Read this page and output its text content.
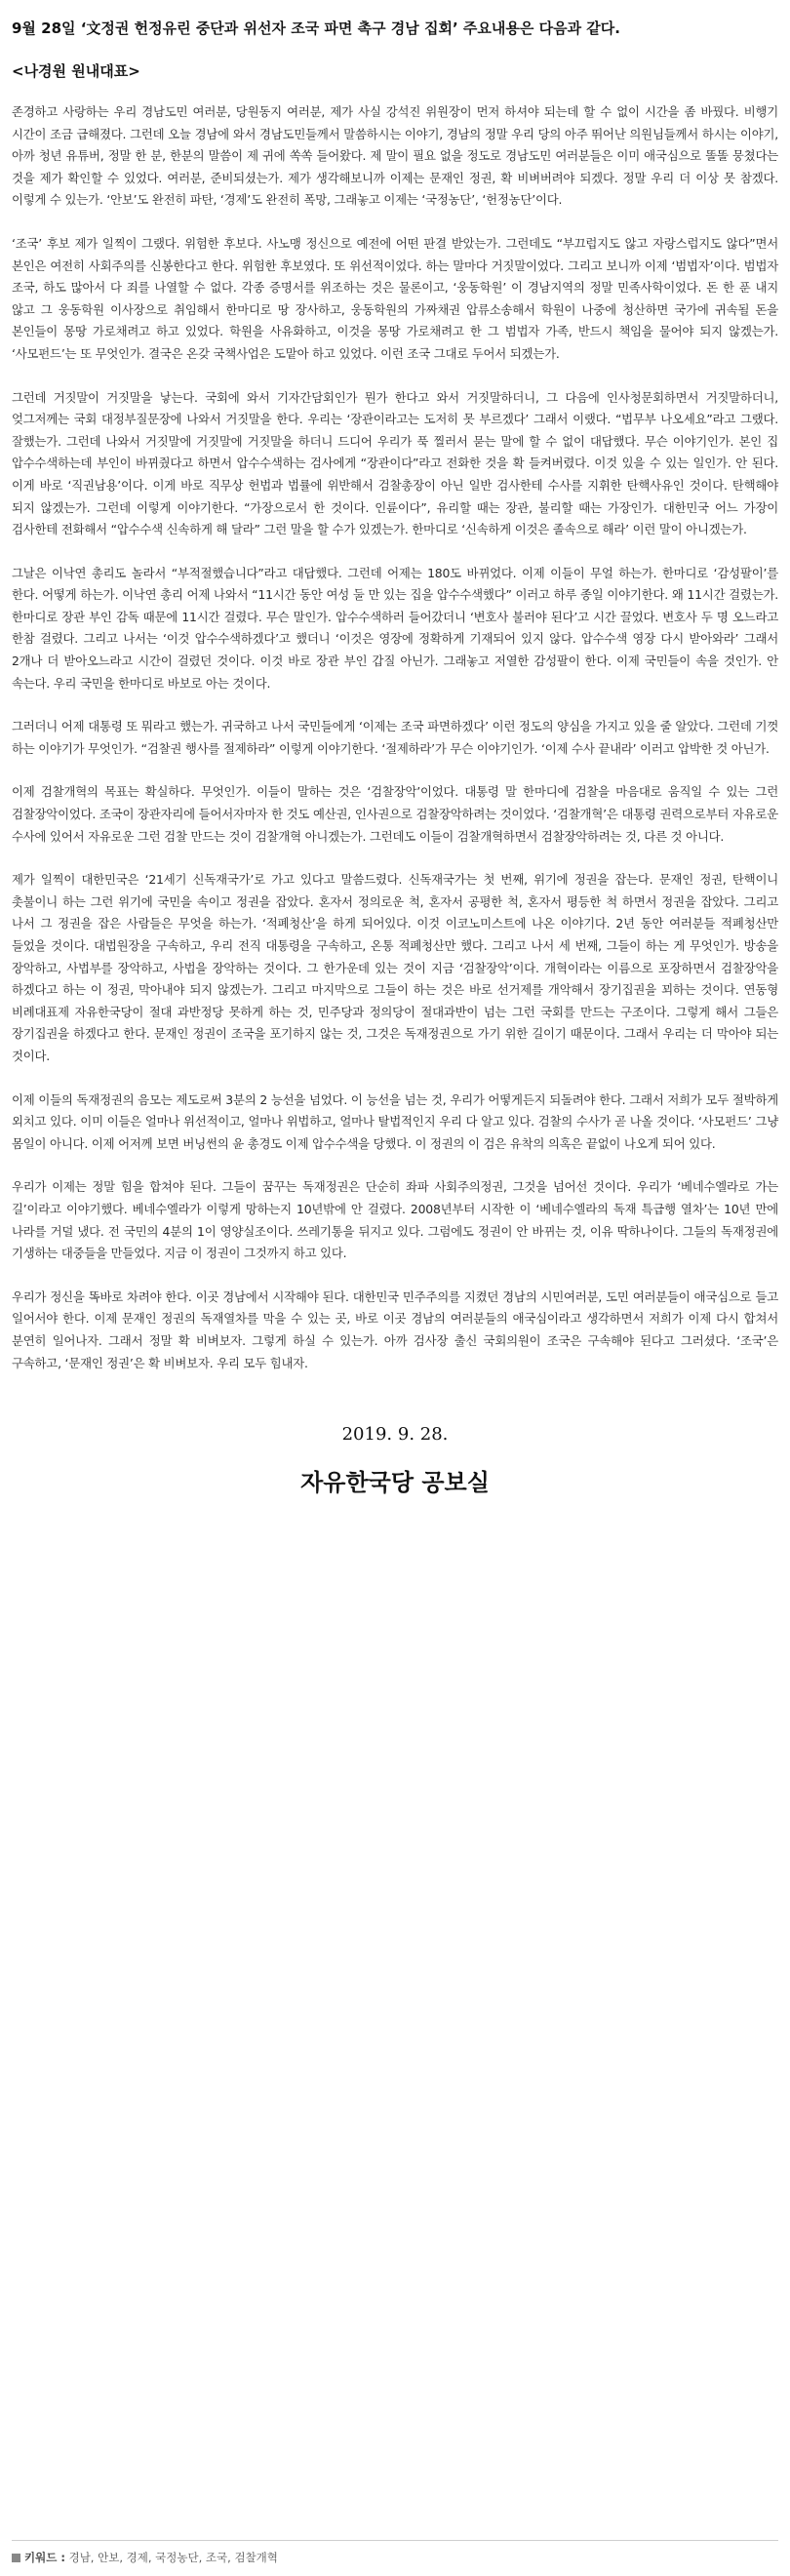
9월 28일 ‘文정권 헌정유린 중단과 위선자 조국 파면 촉구 경남 집회’ 주요내용은 다음과 같다.
<나경원 원내대표>

존경하고 사랑하는 우리 경남도민 여러분, 당원동지 여러분, 제가 사실 강석진 위원장이 먼저 하셔야 되는데 할 수 없이 시간을 좀 바꿨다. 비행기 시간이 조금 급해졌다. 그런데 오늘 경남에 와서 경남도민들께서 말씀하시는 이야기, 경남의 정말 우리 당의 아주 뛰어난 의원님들께서 하시는 이야기, 아까 청년 유튜버, 정말 한 분, 한분의 말씀이 제 귀에 쏙쏙 들어왔다. 제 말이 필요 없을 정도로 경남도민 여러분들은 이미 애국심으로 똘똘 뭉쳤다는 것을 제가 확인할 수 있었다. 여러분, 준비되셨는가. 제가 생각해보니까 이제는 문재인 정권, 확 비벼버려야 되겠다. 정말 우리 더 이상 못 참겠다. 이렇게 수 있는가. ‘안보’도 완전히 파탄, ‘경제’도 완전히 폭망, 그래놓고 이제는 ‘국정농단’, ‘헌정농단’이다.

‘조국’ 후보 제가 일찍이 그랬다. 위험한 후보다. 사노맹 정신으로 예전에 어떤 판결 받았는가. 그런데도 “부끄럽지도 않고 자랑스럽지도 않다”면서 본인은 여전히 사회주의를 신봉한다고 한다. 위험한 후보였다. 또 위선적이었다. 하는 말마다 거짓말이었다. 그리고 보니까 이제 ‘범법자’이다. 범법자 조국, 하도 많아서 다 죄를 나열할 수 없다. 각종 증명서를 위조하는 것은 물론이고, ‘웅동학원’ 이 경남지역의 정말 민족사학이었다. 돈 한 푼 내지 않고 그 웅동학원 이사장으로 취임해서 한마디로 땅 장사하고, 웅동학원의 가짜채권 압류소송해서 학원이 나중에 청산하면 국가에 귀속될 돈을 본인들이 몽땅 가로채려고 하고 있었다. 학원을 사유화하고, 이것을 몽땅 가로채려고 한 그 범법자 가족, 반드시 책임을 물어야 되지 않겠는가. ‘사모펀드’는 또 무엇인가. 결국은 온갖 국책사업은 도맡아 하고 있었다. 이런 조국 그대로 두어서 되겠는가.

그런데 거짓말이 거짓말을 낳는다. 국회에 와서 기자간담회인가 뭔가 한다고 와서 거짓말하더니, 그 다음에 인사청문회하면서 거짓말하더니, 엊그저께는 국회 대정부질문장에 나와서 거짓말을 한다. 우리는 ‘장관이라고는 도저히 못 부르겠다’ 그래서 이랬다. “법무부 나오세요”라고 그랬다. 잘했는가. 그런데 나와서 거짓말에 거짓말에 거짓말을 하더니 드디어 우리가 푹 찔러서 묻는 말에 할 수 없이 대답했다. 무슨 이야기인가. 본인 집 압수수색하는데 부인이 바뀌줬다고 하면서 압수수색하는 검사에게 “장관이다”라고 전화한 것을 확 들켜버렸다. 이것 있을 수 있는 일인가. 안 된다. 이게 바로 ‘직권남용’이다. 이게 바로 직무상 헌법과 법률에 위반해서 검찰총장이 아닌 일반 검사한테 수사를 지휘한 탄핵사유인 것이다. 탄핵해야 되지 않겠는가. 그런데 이렇게 이야기한다. “가장으로서 한 것이다. 인륜이다”, 유리할 때는 장관, 불리할 때는 가장인가. 대한민국 어느 가장이 검사한테 전화해서 “압수수색 신속하게 해 달라” 그런 말을 할 수가 있겠는가. 한마디로 ‘신속하게 이것은 졸속으로 해라’ 이런 말이 아니겠는가.

그날은 이낙연 총리도 놀라서 “부적절했습니다”라고 대답했다. 그런데 어제는 180도 바뀌었다. 이제 이들이 무얼 하는가. 한마디로 ‘감성팔이’를 한다. 어떻게 하는가. 이낙연 총리 어제 나와서 “11시간 동안 여성 둘 만 있는 집을 압수수색했다” 이러고 하루 종일 이야기한다. 왜 11시간 걸렸는가. 한마디로 장관 부인 감독 때문에 11시간 걸렸다. 무슨 말인가. 압수수색하러 들어갔더니 ‘변호사 불러야 된다’고 시간 끌었다. 변호사 두 명 오느라고 한참 걸렸다. 그리고 나서는 ‘이것 압수수색하겠다’고 했더니 ‘이것은 영장에 정확하게 기재되어 있지 않다. 압수수색 영장 다시 받아와라’ 그래서 2개나 더 받아오느라고 시간이 걸렸던 것이다. 이것 바로 장관 부인 갑질 아닌가. 그래놓고 저열한 감성팔이 한다. 이제 국민들이 속을 것인가. 안 속는다. 우리 국민을 한마디로 바보로 아는 것이다.

그러더니 어제 대통령 또 뭐라고 했는가. 귀국하고 나서 국민들에게 ‘이제는 조국 파면하겠다’ 이런 정도의 양심을 가지고 있을 줄 알았다. 그런데 기껏 하는 이야기가 무엇인가. “검찰권 행사를 절제하라” 이렇게 이야기한다. ‘절제하라’가 무슨 이야기인가. ‘이제 수사 끝내라’ 이러고 압박한 것 아닌가.

이제 검찰개혁의 목표는 확실하다. 무엇인가. 이들이 말하는 것은 ‘검찰장악’이었다. 대통령 말 한마디에 검찰을 마음대로 움직일 수 있는 그런 검찰장악이었다. 조국이 장관자리에 들어서자마자 한 것도 예산권, 인사권으로 검찰장악하려는 것이었다. ‘검찰개혁’은 대통령 권력으로부터 자유로운 수사에 있어서 자유로운 그런 검찰 만드는 것이 검찰개혁 아니겠는가. 그런데도 이들이 검찰개혁하면서 검찰장악하려는 것, 다른 것 아니다.

제가 일찍이 대한민국은 ‘21세기 신독재국가’로 가고 있다고 말씀드렸다. 신독재국가는 첫 번째, 위기에 정권을 잡는다. 문재인 정권, 탄핵이니 촛불이니 하는 그런 위기에 국민을 속이고 정권을 잡았다. 혼자서 정의로운 척, 혼자서 공평한 척, 혼자서 평등한 척 하면서 정권을 잡았다. 그리고 나서 그 정권을 잡은 사람들은 무엇을 하는가. ‘적폐청산’을 하게 되어있다. 이것 이코노미스트에 나온 이야기다. 2년 동안 여러분들 적폐청산만 들었을 것이다. 대법원장을 구속하고, 우리 전직 대통령을 구속하고, 온통 적폐청산만 했다. 그리고 나서 세 번째, 그들이 하는 게 무엇인가. 방송을 장악하고, 사법부를 장악하고, 사법을 장악하는 것이다. 그 한가운데 있는 것이 지금 ‘검찰장악’이다. 개혁이라는 이름으로 포장하면서 검찰장악을 하겠다고 하는 이 정권, 막아내야 되지 않겠는가. 그리고 마지막으로 그들이 하는 것은 바로 선거제를 개악해서 장기집권을 꾀하는 것이다. 연동형 비례대표제 자유한국당이 절대 과반정당 못하게 하는 것, 민주당과 정의당이 절대과반이 넘는 그런 국회를 만드는 구조이다. 그렇게 해서 그들은 장기집권을 하겠다고 한다. 문재인 정권이 조국을 포기하지 않는 것, 그것은 독재정권으로 가기 위한 길이기 때문이다. 그래서 우리는 더 막아야 되는 것이다.

이제 이들의 독재정권의 음모는 제도로써 3분의 2 능선을 넘었다. 이 능선을 넘는 것, 우리가 어떻게든지 되돌려야 한다. 그래서 저희가 모두 절박하게 외치고 있다. 이미 이들은 얼마나 위선적이고, 얼마나 위법하고, 얼마나 탈법적인지 우리 다 알고 있다. 검찰의 수사가 곧 나올 것이다. ‘사모펀드’ 그냥 몸일이 아니다. 이제 어저께 보면 버닝썬의 윤 총경도 이제 압수수색을 당했다. 이 정권의 이 검은 유착의 의혹은 끝없이 나오게 되어 있다.

우리가 이제는 정말 힘을 합쳐야 된다. 그들이 꿈꾸는 독재정권은 단순히 좌파 사회주의정권, 그것을 넘어선 것이다. 우리가 ‘베네수엘라로 가는 길’이라고 이야기했다. 베네수엘라가 이렇게 망하는지 10년밖에 안 걸렸다. 2008년부터 시작한 이 ‘베네수엘라의 독재 특급행 열차’는 10년 만에 나라를 거덜 냈다. 전 국민의 4분의 1이 영양실조이다. 쓰레기통을 뒤지고 있다. 그럼에도 정권이 안 바뀌는 것, 이유 딱하나이다. 그들의 독재정권에 기생하는 대중들을 만들었다. 지금 이 정권이 그것까지 하고 있다.

우리가 정신을 똑바로 차려야 한다. 이곳 경남에서 시작해야 된다. 대한민국 민주주의를 지켰던 경남의 시민여러분, 도민 여러분들이 애국심으로 들고 일어서야 한다. 이제 문재인 정권의 독재열차를 막을 수 있는 곳, 바로 이곳 경남의 여러분들의 애국심이라고 생각하면서 저희가 이제 다시 합쳐서 분연히 일어나자. 그래서 정말 확 비벼보자. 그렇게 하실 수 있는가. 아까 검사장 출신 국회의원이 조국은 구속해야 된다고 그러셨다. ‘조국’은 구속하고, ‘문재인 정권’은 확 비벼보자. 우리 모두 힘내자.

2019. 9. 28.
자유한국당 공보실
키워드 : 경남, 안보, 경제, 국정농단, 조국, 검찰개혁
